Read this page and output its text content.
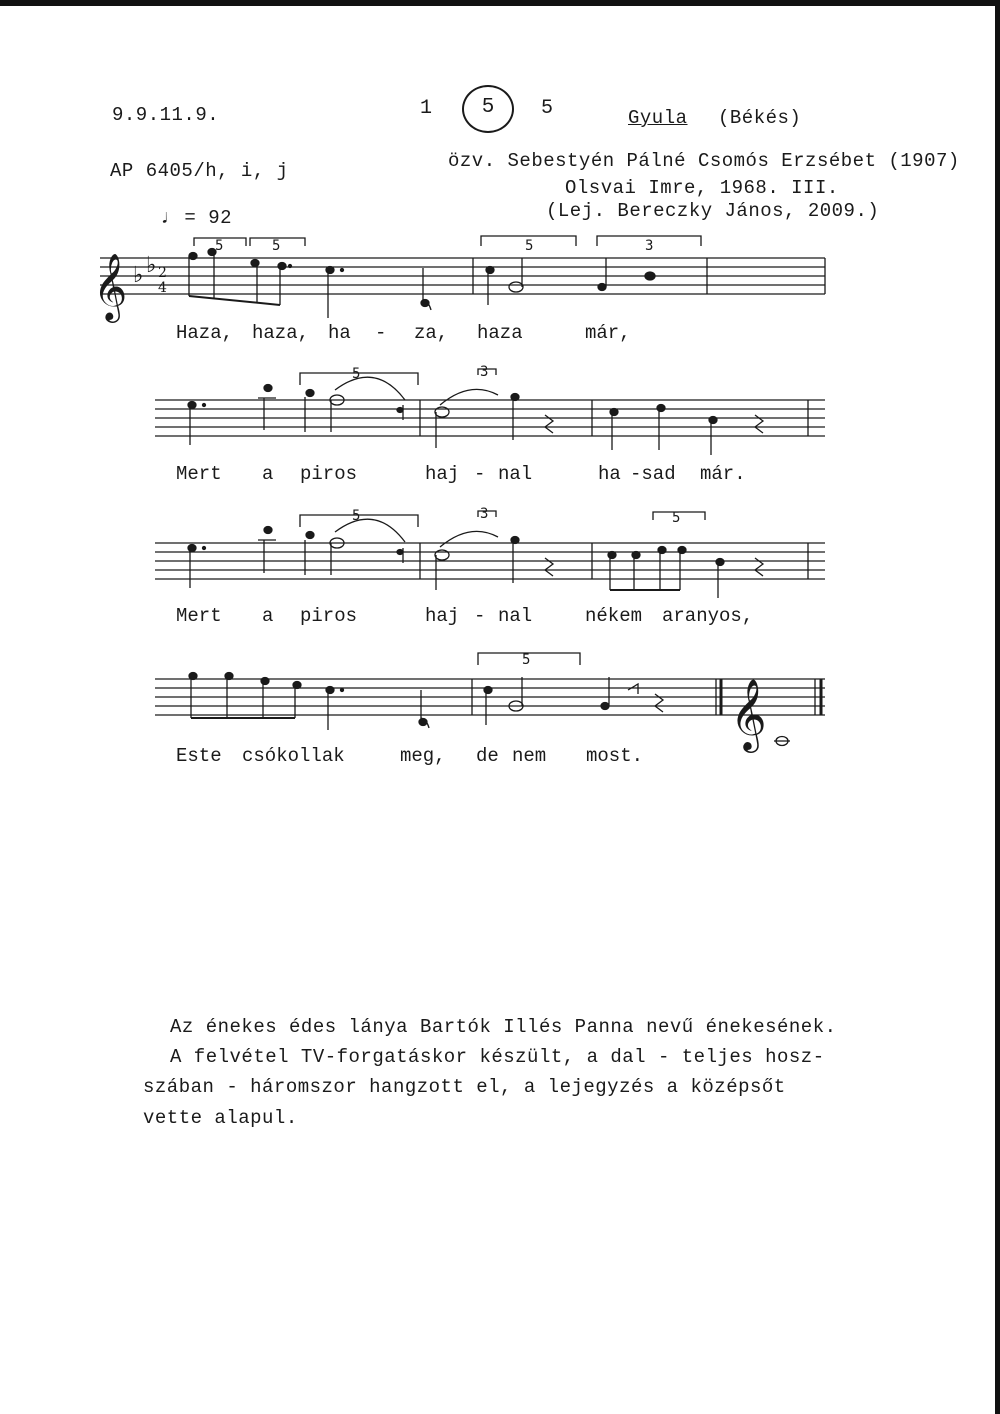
9.9.11.9.
AP 6405/h, i, j
♩ = 92
1	5	5	Gyula (Békés)
özv. Sebestyén Pálné Csomós Erzsébet (1907)
Olsvai Imre, 1968. III.
(Lej. Bereczky János, 2009.)
𝄞 ♭ ♭ 2
4
5	5	5	3
5	3
5	3	5
𝄞
5
Haza, haza, ha - za, haza	már,
Mert a piros	haj - nal	ha -sad már.
Mert a piros	haj - nal	nékem aranyos,
Este csókollak	meg, de nem most.
Az énekes édes lánya Bartók Illés Panna nevű énekesének.
A felvétel TV-forgatáskor készült, a dal - teljes hosz-
szában - háromszor hangzott el, a lejegyzés a középsőt
vette alapul.
